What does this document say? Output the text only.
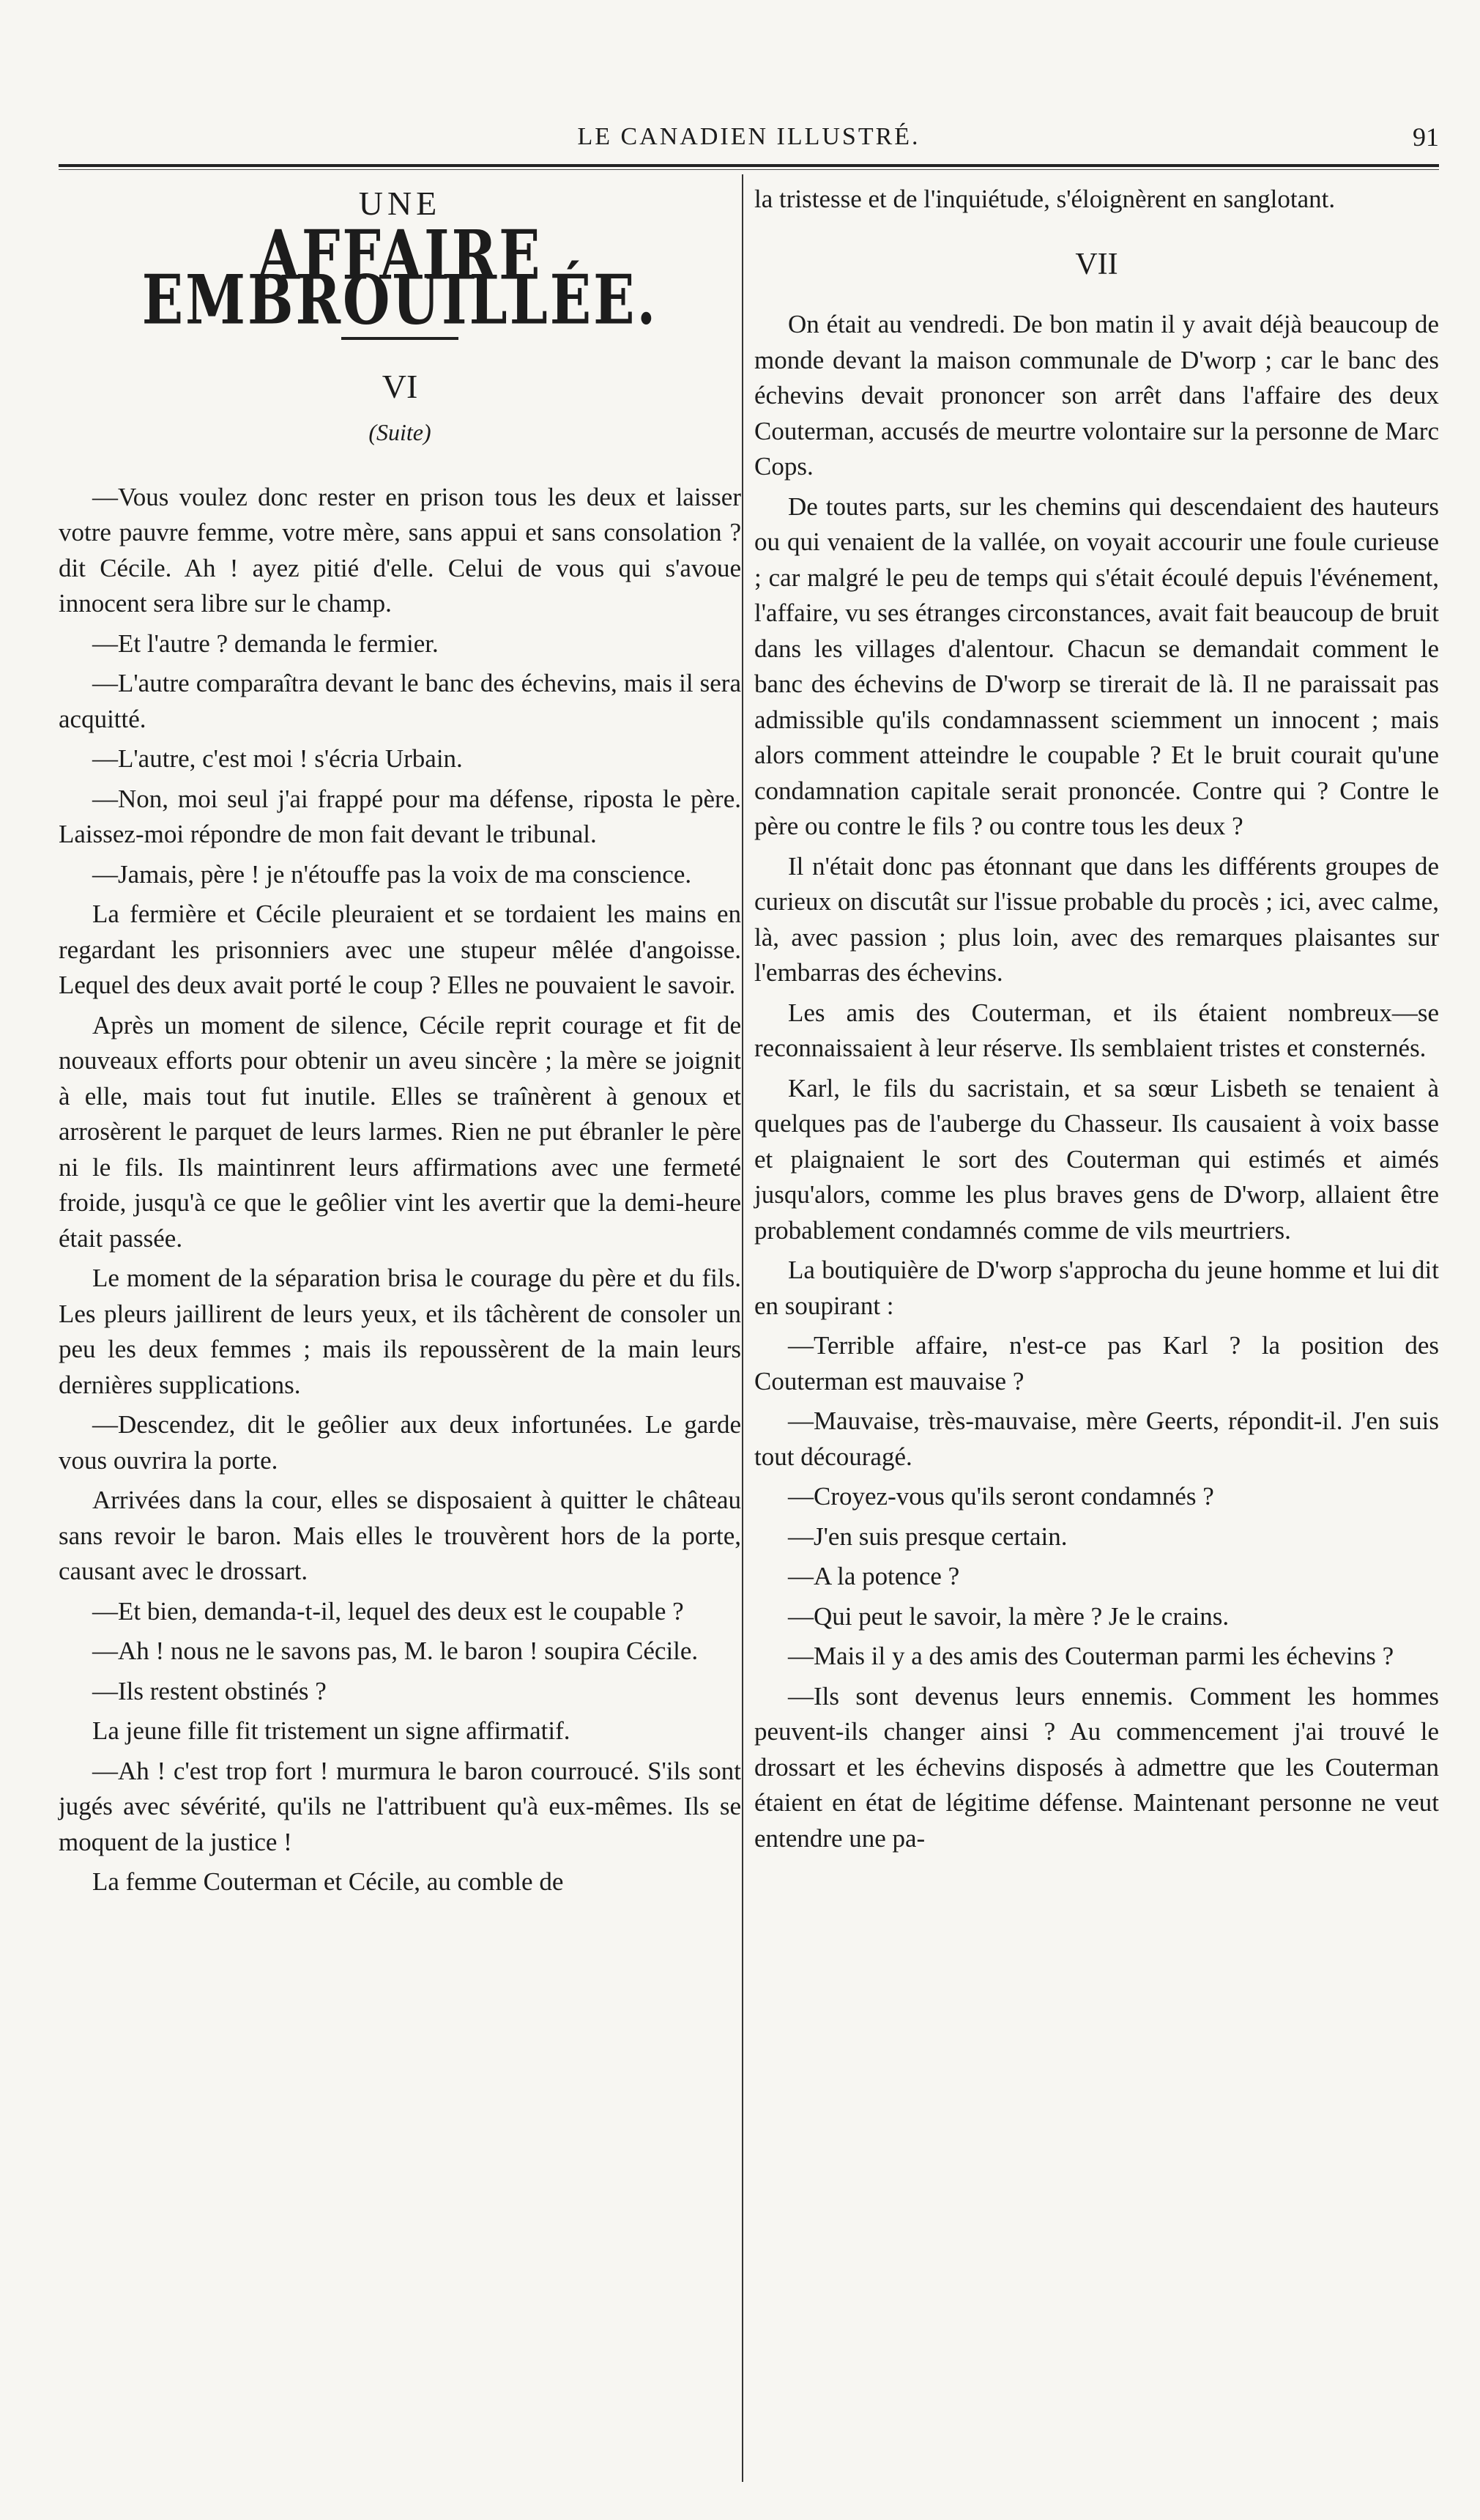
LE CANADIEN ILLUSTRÉ.	91
UNE
AFFAIRE EMBROUILLÉE.
VI
(Suite)

—Vous voulez donc rester en prison tous les deux et laisser votre pauvre femme, votre mère, sans appui et sans consolation ? dit Cécile. Ah ! ayez pitié d'elle. Celui de vous qui s'avoue innocent sera libre sur le champ.

—Et l'autre ? demanda le fermier.

—L'autre comparaîtra devant le banc des échevins, mais il sera acquitté.

—L'autre, c'est moi ! s'écria Urbain.

—Non, moi seul j'ai frappé pour ma défense, riposta le père. Laissez-moi répondre de mon fait devant le tribunal.

—Jamais, père ! je n'étouffe pas la voix de ma conscience.

La fermière et Cécile pleuraient et se tordaient les mains en regardant les prisonniers avec une stupeur mêlée d'angoisse. Lequel des deux avait porté le coup ? Elles ne pouvaient le savoir.

Après un moment de silence, Cécile reprit courage et fit de nouveaux efforts pour obtenir un aveu sincère ; la mère se joignit à elle, mais tout fut inutile. Elles se traînèrent à genoux et arrosèrent le parquet de leurs larmes. Rien ne put ébranler le père ni le fils. Ils maintinrent leurs affirmations avec une fermeté froide, jusqu'à ce que le geôlier vint les avertir que la demi-heure était passée.

Le moment de la séparation brisa le courage du père et du fils. Les pleurs jaillirent de leurs yeux, et ils tâchèrent de consoler un peu les deux femmes ; mais ils repoussèrent de la main leurs dernières supplications.

—Descendez, dit le geôlier aux deux infortunées. Le garde vous ouvrira la porte.

Arrivées dans la cour, elles se disposaient à quitter le château sans revoir le baron. Mais elles le trouvèrent hors de la porte, causant avec le drossart.

—Et bien, demanda-t-il, lequel des deux est le coupable ?

—Ah ! nous ne le savons pas, M. le baron ! soupira Cécile.

—Ils restent obstinés ?

La jeune fille fit tristement un signe affirmatif.

—Ah ! c'est trop fort ! murmura le baron courroucé. S'ils sont jugés avec sévérité, qu'ils ne l'attribuent qu'à eux-mêmes. Ils se moquent de la justice !

La femme Couterman et Cécile, au comble de

la tristesse et de l'inquiétude, s'éloignèrent en sanglotant.

VII

On était au vendredi. De bon matin il y avait déjà beaucoup de monde devant la maison communale de D'worp ; car le banc des échevins devait prononcer son arrêt dans l'affaire des deux Couterman, accusés de meurtre volontaire sur la personne de Marc Cops.

De toutes parts, sur les chemins qui descendaient des hauteurs ou qui venaient de la vallée, on voyait accourir une foule curieuse ; car malgré le peu de temps qui s'était écoulé depuis l'événement, l'affaire, vu ses étranges circonstances, avait fait beaucoup de bruit dans les villages d'alentour. Chacun se demandait comment le banc des échevins de D'worp se tirerait de là. Il ne paraissait pas admissible qu'ils condamnassent sciemment un innocent ; mais alors comment atteindre le coupable ? Et le bruit courait qu'une condamnation capitale serait prononcée. Contre qui ? Contre le père ou contre le fils ? ou contre tous les deux ?

Il n'était donc pas étonnant que dans les différents groupes de curieux on discutât sur l'issue probable du procès ; ici, avec calme, là, avec passion ; plus loin, avec des remarques plaisantes sur l'embarras des échevins.

Les amis des Couterman, et ils étaient nombreux—se reconnaissaient à leur réserve. Ils semblaient tristes et consternés.

Karl, le fils du sacristain, et sa sœur Lisbeth se tenaient à quelques pas de l'auberge du Chasseur. Ils causaient à voix basse et plaignaient le sort des Couterman qui estimés et aimés jusqu'alors, comme les plus braves gens de D'worp, allaient être probablement condamnés comme de vils meurtriers.

La boutiquière de D'worp s'approcha du jeune homme et lui dit en soupirant :

—Terrible affaire, n'est-ce pas Karl ? la position des Couterman est mauvaise ?

—Mauvaise, très-mauvaise, mère Geerts, répondit-il. J'en suis tout découragé.

—Croyez-vous qu'ils seront condamnés ?

—J'en suis presque certain.

—A la potence ?

—Qui peut le savoir, la mère ? Je le crains.

—Mais il y a des amis des Couterman parmi les échevins ?

—Ils sont devenus leurs ennemis. Comment les hommes peuvent-ils changer ainsi ? Au commencement j'ai trouvé le drossart et les échevins disposés à admettre que les Couterman étaient en état de légitime défense. Maintenant personne ne veut entendre une pa-
